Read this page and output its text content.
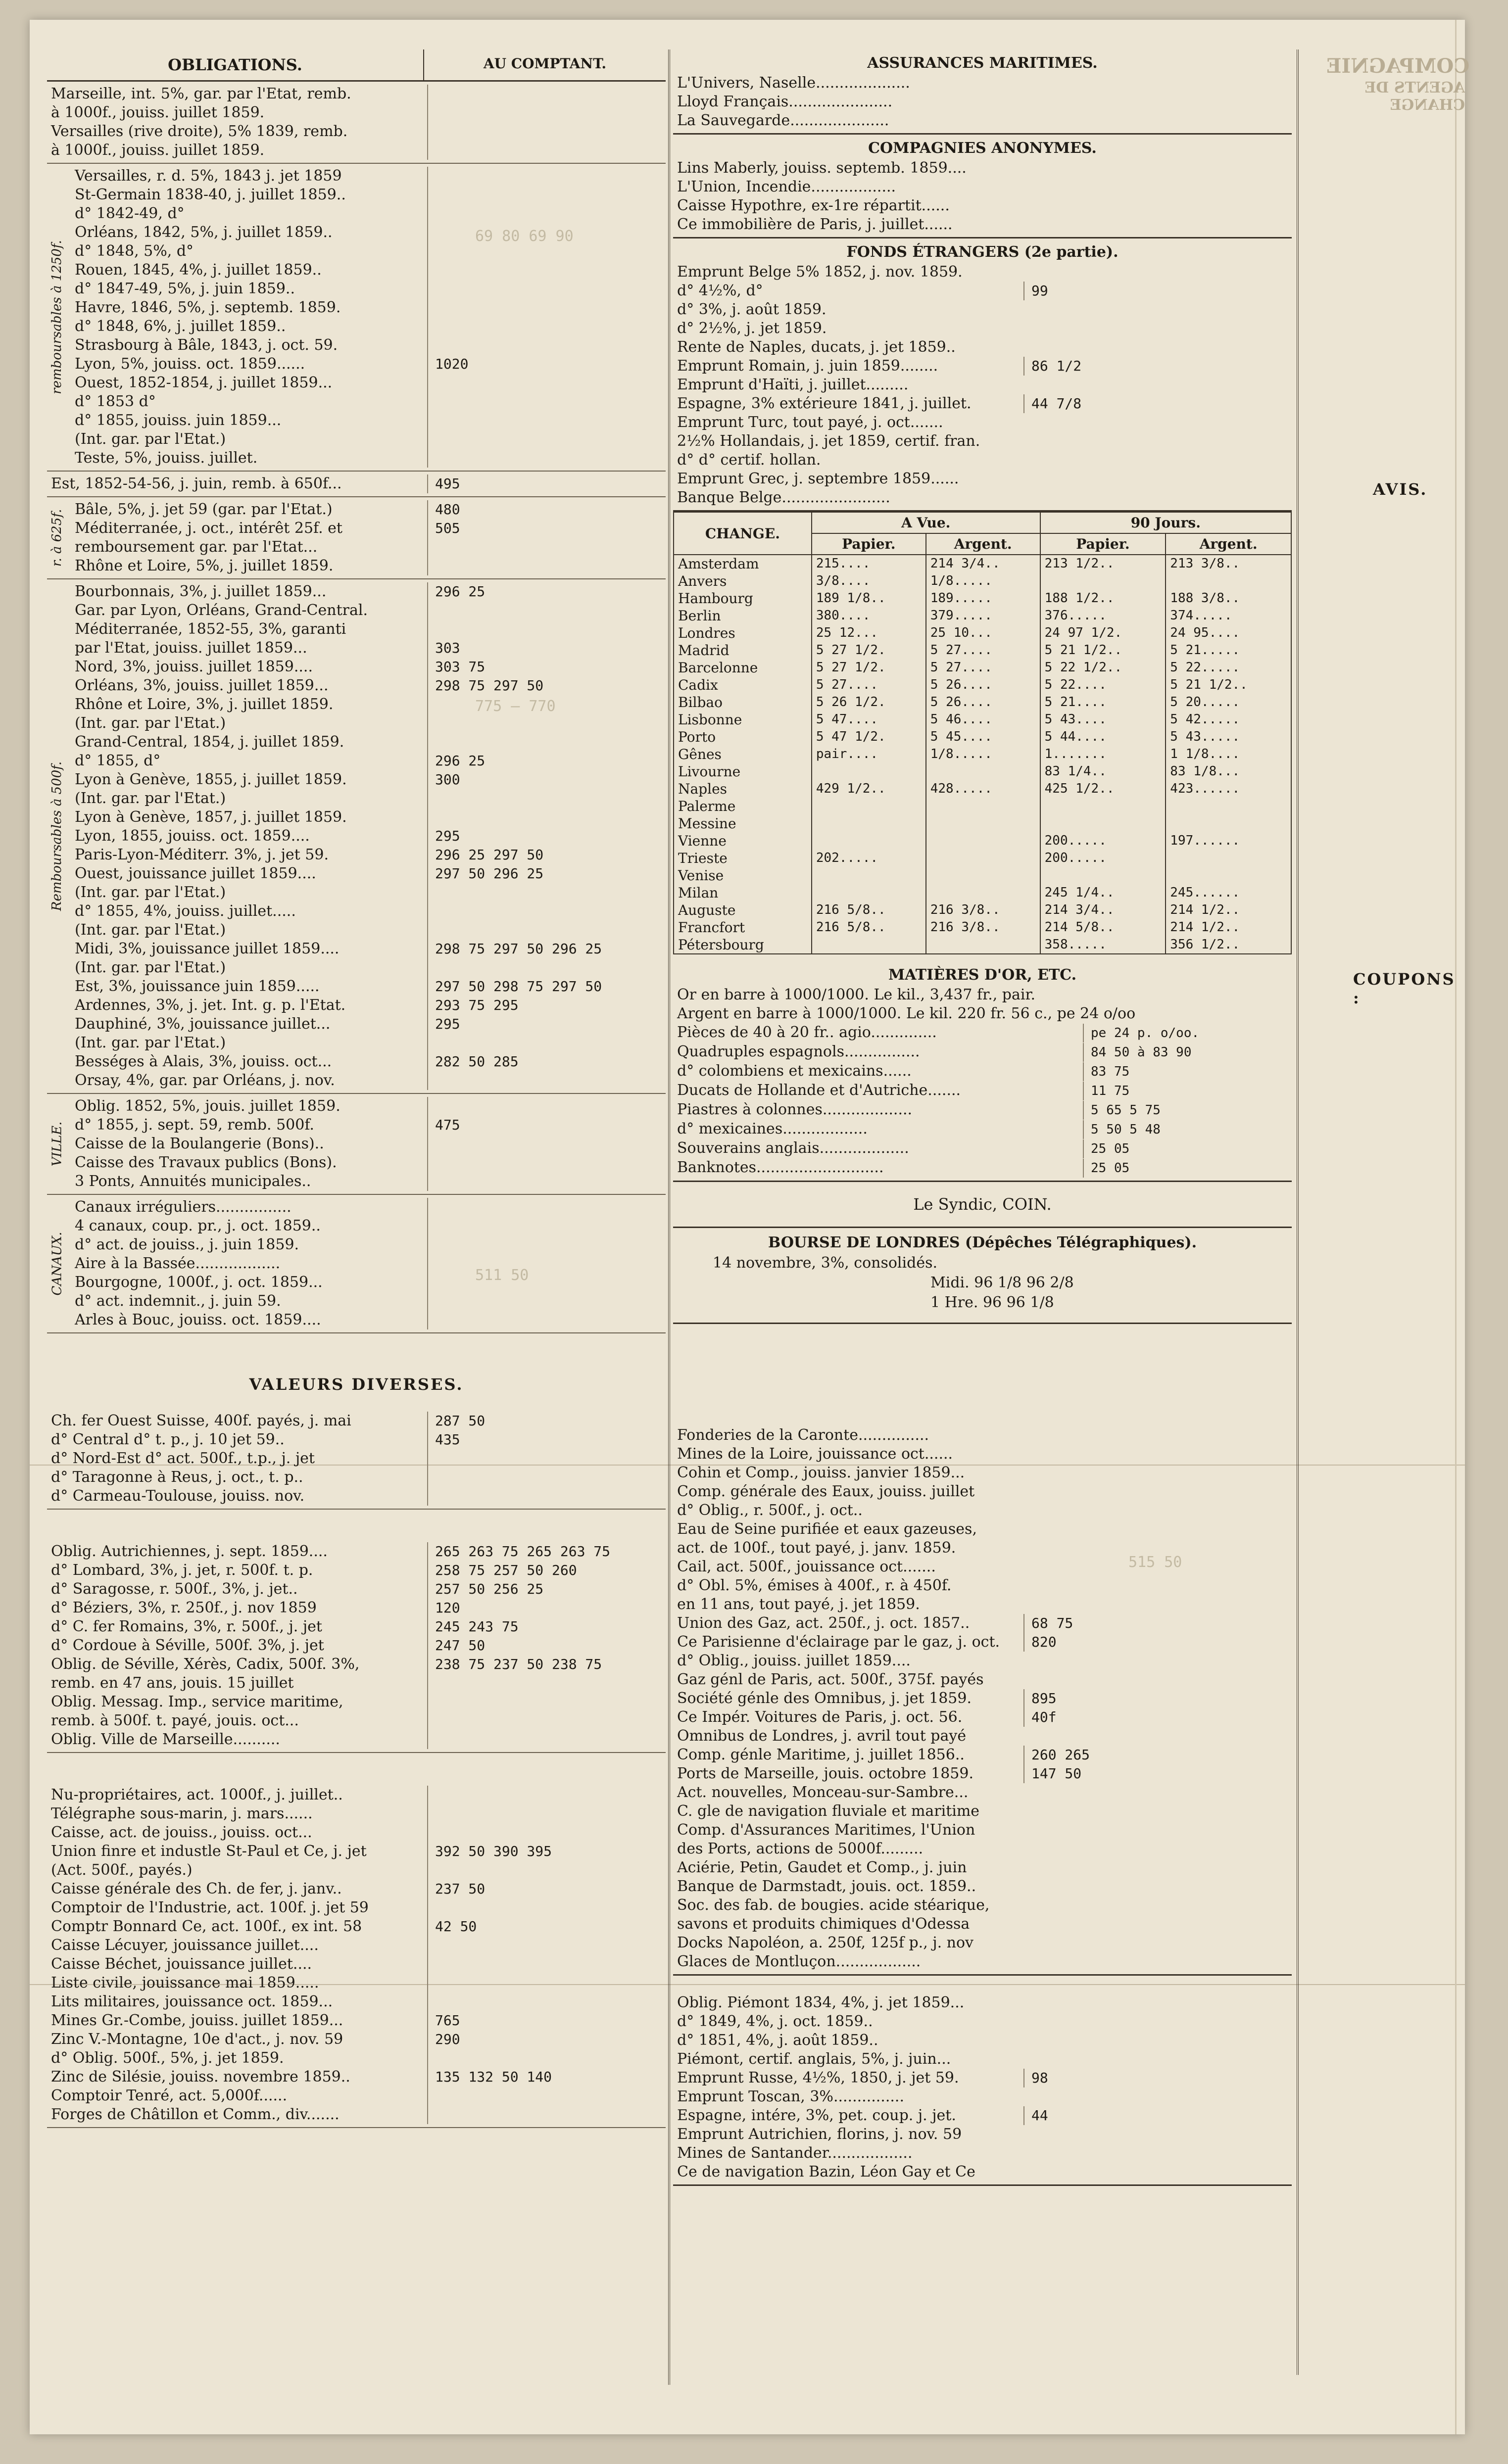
COMPAGNIE
AGENTS DE CHANGE
OBLIGATIONS.	AU COMPTANT.
Marseille, int. 5%, gar. par l'Etat, remb.
à 1000f., jouiss. juillet 1859.
Versailles (rive droite), 5% 1839, remb.
à 1000f., jouiss. juillet 1859.
remboursables à 1250f.
Versailles, r. d. 5%, 1843 j. jet 1859
St-Germain 1838-40, j. juillet 1859..
d° 1842-49, d°
Orléans, 1842, 5%, j. juillet 1859..
d° 1848, 5%, d°
Rouen, 1845, 4%, j. juillet 1859..
d° 1847-49, 5%, j. juin 1859..
Havre, 1846, 5%, j. septemb. 1859.
d° 1848, 6%, j. juillet 1859..
Strasbourg à Bâle, 1843, j. oct. 59.
Lyon, 5%, jouiss. oct. 1859......	1020
Ouest, 1852-1854, j. juillet 1859...
d° 1853 d°
d° 1855, jouiss. juin 1859...
(Int. gar. par l'Etat.)
Teste, 5%, jouiss. juillet.
Est, 1852-54-56, j. juin, remb. à 650f...	495
r. à 625f. Bâle, 5%, j. jet 59 (gar. par l'Etat.)	480
Méditerranée, j. oct., intérêt 25f. et	505
remboursement gar. par l'Etat...
Rhône et Loire, 5%, j. juillet 1859.
Remboursables à 500f.
Bourbonnais, 3%, j. juillet 1859...	296 25
Gar. par Lyon, Orléans, Grand-Central.
Méditerranée, 1852-55, 3%, garanti
par l'Etat, jouiss. juillet 1859...	303
Nord, 3%, jouiss. juillet 1859....	303 75
Orléans, 3%, jouiss. juillet 1859...	298 75 297 50
Rhône et Loire, 3%, j. juillet 1859.
(Int. gar. par l'Etat.)
Grand-Central, 1854, j. juillet 1859.
d° 1855, d°	296 25
Lyon à Genève, 1855, j. juillet 1859.	300
(Int. gar. par l'Etat.)
Lyon à Genève, 1857, j. juillet 1859.
Lyon, 1855, jouiss. oct. 1859....	295
Paris-Lyon-Méditerr. 3%, j. jet 59.	296 25 297 50
Ouest, jouissance juillet 1859....	297 50 296 25
(Int. gar. par l'Etat.)
d° 1855, 4%, jouiss. juillet.....
(Int. gar. par l'Etat.)
Midi, 3%, jouissance juillet 1859....	298 75 297 50 296 25
(Int. gar. par l'Etat.)
Est, 3%, jouissance juin 1859.....	297 50 298 75 297 50
Ardennes, 3%, j. jet. Int. g. p. l'Etat.	293 75 295
Dauphiné, 3%, jouissance juillet...	295
(Int. gar. par l'Etat.)
Bességes à Alais, 3%, jouiss. oct...	282 50 285
Orsay, 4%, gar. par Orléans, j. nov.
VILLE.
Oblig. 1852, 5%, jouis. juillet 1859.
d° 1855, j. sept. 59, remb. 500f.	475
Caisse de la Boulangerie (Bons)..
Caisse des Travaux publics (Bons).
3 Ponts, Annuités municipales..
CANAUX.
Canaux irréguliers................
4 canaux, coup. pr., j. oct. 1859..
d° act. de jouiss., j. juin 1859.
Aire à la Bassée..................
Bourgogne, 1000f., j. oct. 1859...
d° act. indemnit., j. juin 59.
Arles à Bouc, jouiss. oct. 1859....
VALEURS DIVERSES.
Ch. fer Ouest Suisse, 400f. payés, j. mai	287 50
d° Central d° t. p., j. 10 jet 59..	435
d° Nord-Est d° act. 500f., t.p., j. jet
d° Taragonne à Reus, j. oct., t. p..
d° Carmeau-Toulouse, jouiss. nov.
Oblig. Autrichiennes, j. sept. 1859....	265 263 75 265 263 75
d° Lombard, 3%, j. jet, r. 500f. t. p.	258 75 257 50 260
d° Saragosse, r. 500f., 3%, j. jet..	257 50 256 25
d° Béziers, 3%, r. 250f., j. nov 1859	120
d° C. fer Romains, 3%, r. 500f., j. jet	245 243 75
d° Cordoue à Séville, 500f. 3%, j. jet	247 50
Oblig. de Séville, Xérès, Cadix, 500f. 3%,	238 75 237 50 238 75
remb. en 47 ans, jouis. 15 juillet
Oblig. Messag. Imp., service maritime,
remb. à 500f. t. payé, jouis. oct...
Oblig. Ville de Marseille..........
Nu-propriétaires, act. 1000f., j. juillet..
Télégraphe sous-marin, j. mars......
Caisse, act. de jouiss., jouiss. oct...
Union finre et industle St-Paul et Ce, j. jet	392 50 390 395
(Act. 500f., payés.)
Caisse générale des Ch. de fer, j. janv..	237 50
Comptoir de l'Industrie, act. 100f. j. jet 59
Comptr Bonnard Ce, act. 100f., ex int. 58	42 50
Caisse Lécuyer, jouissance juillet....
Caisse Béchet, jouissance juillet....
Liste civile, jouissance mai 1859.....
Lits militaires, jouissance oct. 1859...
Mines Gr.-Combe, jouiss. juillet 1859...	765
Zinc V.-Montagne, 10e d'act., j. nov. 59	290
d° Oblig. 500f., 5%, j. jet 1859.
Zinc de Silésie, jouiss. novembre 1859..	135 132 50 140
Comptoir Tenré, act. 5,000f......
Forges de Châtillon et Comm., div.......
ASSURANCES MARITIMES.
L'Univers, Naselle....................
Lloyd Français......................
La Sauvegarde.....................
COMPAGNIES ANONYMES.
Lins Maberly, jouiss. septemb. 1859....
L'Union, Incendie..................
Caisse Hypothre, ex-1re répartit......
Ce immobilière de Paris, j. juillet......
FONDS ÉTRANGERS (2e partie).
Emprunt Belge 5% 1852, j. nov. 1859.
d° 4½%, d°	99
d° 3%, j. août 1859.
d° 2½%, j. jet 1859.
Rente de Naples, ducats, j. jet 1859..
Emprunt Romain, j. juin 1859........	86 1/2
Emprunt d'Haïti, j. juillet.........
Espagne, 3% extérieure 1841, j. juillet.	44 7/8
Emprunt Turc, tout payé, j. oct.......
2½% Hollandais, j. jet 1859, certif. fran.
d° d° certif. hollan.
Emprunt Grec, j. septembre 1859......
Banque Belge.......................
CHANGE.	A Vue.		90 Jours.	
	Papier.	Argent.	Papier.	Argent.
Amsterdam	215....	214 3/4..	213 1/2..	213 3/8..
Anvers	3/8....	1/8.....		
Hambourg	189 1/8..	189.....	188 1/2..	188 3/8..
Berlin	380....	379.....	376.....	374.....
Londres	25 12...	25 10...	24 97 1/2.	24 95....
Madrid	5 27 1/2.	5 27....	5 21 1/2..	5 21.....
Barcelonne	5 27 1/2.	5 27....	5 22 1/2..	5 22.....
Cadix	5 27....	5 26....	5 22....	5 21 1/2..
Bilbao	5 26 1/2.	5 26....	5 21....	5 20.....
Lisbonne	5 47....	5 46....	5 43....	5 42.....
Porto	5 47 1/2.	5 45....	5 44....	5 43.....
Gênes	pair....	1/8.....	1.......	1 1/8....
Livourne			83 1/4..	83 1/8...
Naples	429 1/2..	428.....	425 1/2..	423......
Palerme				
Messine				
Vienne			200.....	197......
Trieste	202.....		200.....	
Venise				
Milan			245 1/4..	245......
Auguste	216 5/8..	216 3/8..	214 3/4..	214 1/2..
Francfort	216 5/8..	216 3/8..	214 5/8..	214 1/2..
Pétersbourg			358.....	356 1/2..
MATIÈRES D'OR, ETC.
Or en barre à 1000/1000. Le kil., 3,437 fr., pair.
Argent en barre à 1000/1000. Le kil. 220 fr. 56 c., pe 24 o/oo
Pièces de 40 à 20 fr.. agio..............	pe 24 p. o/oo.
Quadruples espagnols................	84 50 à 83 90
d° colombiens et mexicains......	83 75
Ducats de Hollande et d'Autriche.......	11 75
Piastres à colonnes...................	5 65 5 75
d° mexicaines..................	5 50 5 48
Souverains anglais...................	25 05
Banknotes...........................	25 05
Le Syndic, COIN.
BOURSE DE LONDRES (Dépêches Télégraphiques).
14 novembre, 3%, consolidés.
Midi. 96 1/8 96 2/8
1 Hre. 96 96 1/8
Fonderies de la Caronte...............
Mines de la Loire, jouissance oct......
Cohin et Comp., jouiss. janvier 1859...
Comp. générale des Eaux, jouiss. juillet
d° Oblig., r. 500f., j. oct..
Eau de Seine purifiée et eaux gazeuses,
act. de 100f., tout payé, j. janv. 1859.
Cail, act. 500f., jouissance oct.......
d° Obl. 5%, émises à 400f., r. à 450f.
en 11 ans, tout payé, j. jet 1859.
Union des Gaz, act. 250f., j. oct. 1857..	68 75
Ce Parisienne d'éclairage par le gaz, j. oct.	820
d° Oblig., jouiss. juillet 1859....
Gaz génl de Paris, act. 500f., 375f. payés
Société génle des Omnibus, j. jet 1859.	895
Ce Impér. Voitures de Paris, j. oct. 56.	40f
Omnibus de Londres, j. avril tout payé
Comp. génle Maritime, j. juillet 1856..	260 265
Ports de Marseille, jouis. octobre 1859.	147 50
Act. nouvelles, Monceau-sur-Sambre...
C. gle de navigation fluviale et maritime
Comp. d'Assurances Maritimes, l'Union
des Ports, actions de 5000f.........
Aciérie, Petin, Gaudet et Comp., j. juin
Banque de Darmstadt, jouis. oct. 1859..
Soc. des fab. de bougies. acide stéarique,
savons et produits chimiques d'Odessa
Docks Napoléon, a. 250f, 125f p., j. nov
Glaces de Montluçon..................
Oblig. Piémont 1834, 4%, j. jet 1859...
d° 1849, 4%, j. oct. 1859..
d° 1851, 4%, j. août 1859..
Piémont, certif. anglais, 5%, j. juin...
Emprunt Russe, 4½%, 1850, j. jet 59.	98
Emprunt Toscan, 3%...............
Espagne, intére, 3%, pet. coup. j. jet.	44
Emprunt Autrichien, florins, j. nov. 59
Mines de Santander..................
Ce de navigation Bazin, Léon Gay et Ce
AVIS.
COUPONS :
69 80 69 90
775 — 770
511 50
515 50
